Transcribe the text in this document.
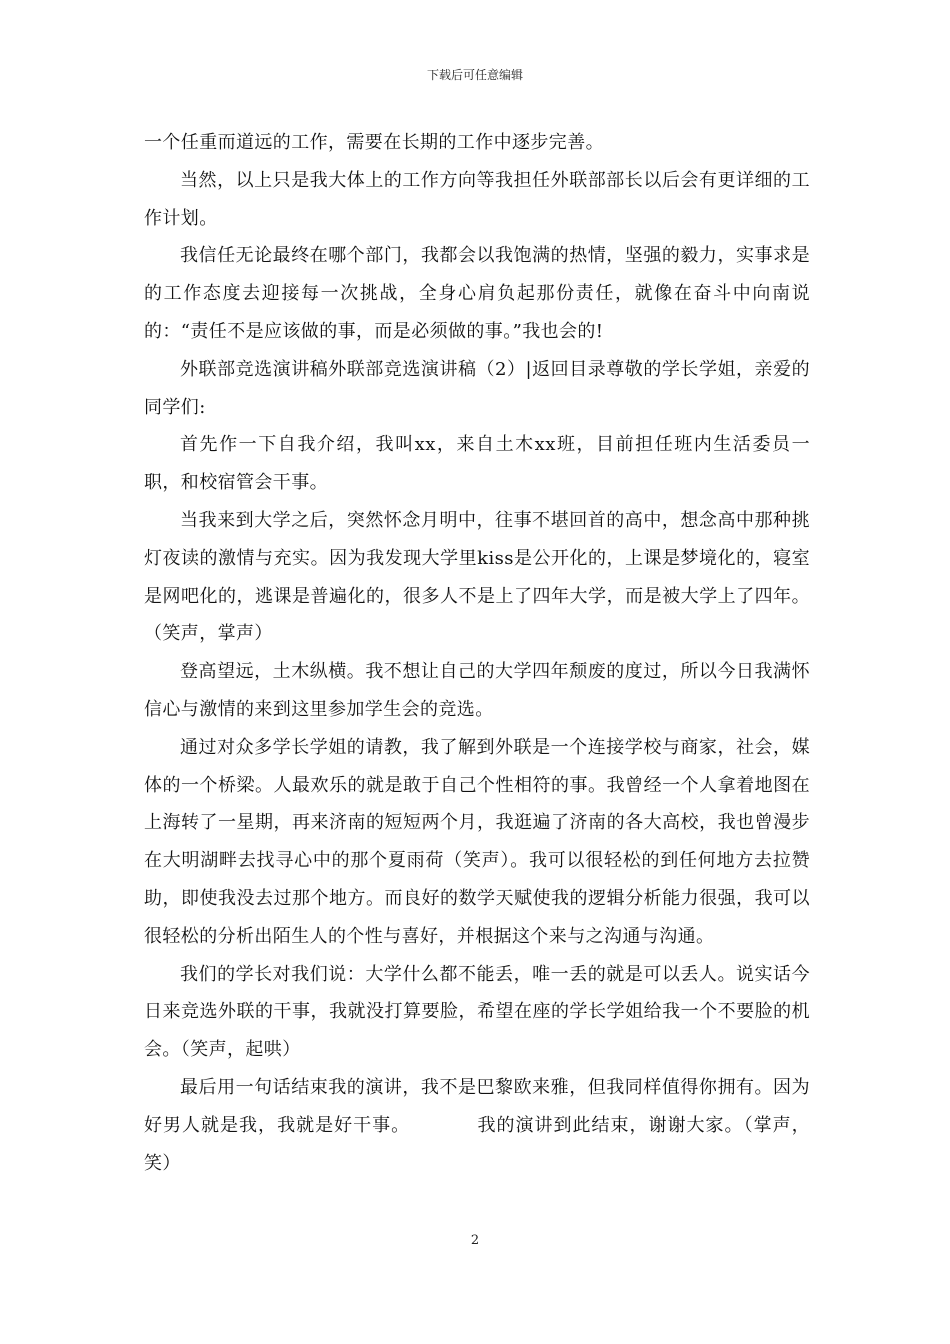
下载后可任意编辑

一个任重而道远的工作，需要在长期的工作中逐步完善。

当然，以上只是我大体上的工作方向等我担任外联部部长以后会有更详细的工作计划。

我信任无论最终在哪个部门，我都会以我饱满的热情，坚强的毅力，实事求是的工作态度去迎接每一次挑战，全身心肩负起那份责任，就像在奋斗中向南说的：“责任不是应该做的事，而是必须做的事。”我也会的!

外联部竞选演讲稿外联部竞选演讲稿（2）|返回目录尊敬的学长学姐，亲爱的同学们:

首先作一下自我介绍，我叫xx，来自土木xx班，目前担任班内生活委员一职，和校宿管会干事。

当我来到大学之后，突然怀念月明中，往事不堪回首的高中，想念高中那种挑灯夜读的激情与充实。因为我发现大学里kiss是公开化的，上课是梦境化的，寝室是网吧化的，逃课是普遍化的，很多人不是上了四年大学，而是被大学上了四年。（笑声，掌声）

登高望远，土木纵横。我不想让自己的大学四年颓废的度过，所以今日我满怀信心与激情的来到这里参加学生会的竞选。

通过对众多学长学姐的请教，我了解到外联是一个连接学校与商家，社会，媒体的一个桥梁。人最欢乐的就是敢于自己个性相符的事。我曾经一个人拿着地图在上海转了一星期，再来济南的短短两个月，我逛遍了济南的各大高校，我也曾漫步在大明湖畔去找寻心中的那个夏雨荷（笑声）。我可以很轻松的到任何地方去拉赞助，即使我没去过那个地方。而良好的数学天赋使我的逻辑分析能力很强，我可以很轻松的分析出陌生人的个性与喜好，并根据这个来与之沟通与沟通。

我们的学长对我们说：大学什么都不能丢，唯一丢的就是可以丢人。说实话今日来竞选外联的干事，我就没打算要脸，希望在座的学长学姐给我一个不要脸的机会。（笑声，起哄）

最后用一句话结束我的演讲，我不是巴黎欧来雅，但我同样值得你拥有。因为好男人就是我，我就是好干事。          我的演讲到此结束，谢谢大家。（掌声，笑）

2
